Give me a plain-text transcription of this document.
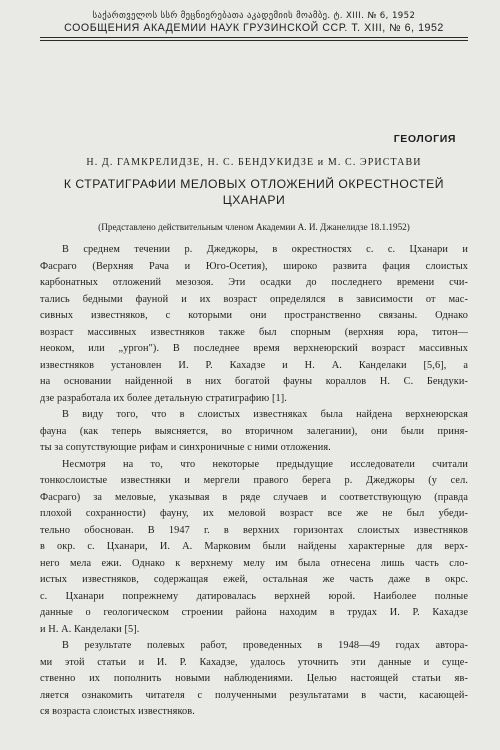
საქართველოს სსრ მეცნიერებათა აკადემიის მოამბე. ტ. XIII. № 6, 1952
СООБЩЕНИЯ АКАДЕМИИ НАУК ГРУЗИНСКОЙ ССР. Т. XIII, № 6, 1952
ГЕОЛОГИЯ
Н. Д. ГАМКРЕЛИДЗЕ, Н. С. БЕНДУКИДЗЕ и М. С. ЭРИСТАВИ
К СТРАТИГРАФИИ МЕЛОВЫХ ОТЛОЖЕНИЙ ОКРЕСТНОСТЕЙ
ЦХАНАРИ
(Представлено действительным членом Академии А. И. Джанелидзе 18.1.1952)
В среднем течении р. Джеджоры, в окрестностях с. с. Цханари и
Фасраго (Верхняя Рача и Юго-Осетия), широко развита фация слоистых
карбонатных отложений мезозоя. Эти осадки до последнего времени счи-
тались бедными фауной и их возраст определялся в зависимости от мас-
сивных известняков, с которыми они пространственно связаны. Однако
возраст массивных известняков также был спорным (верхняя юра, титон—
неоком, или „ургон"). В последнее время верхнеюрский возраст массивных
известняков установлен И. Р. Кахадзе и Н. А. Канделаки [5,6], а
на основании найденной в них богатой фауны кораллов Н. С. Бендуки-
дзе разработала их более детальную стратиграфию [1].
В виду того, что в слоистых известняках была найдена верхнеюрская
фауна (как теперь выясняется, во вторичном залегании), они были приня-
ты за сопутствующие рифам и синхроничные с ними отложения.
Несмотря на то, что некоторые предыдущие исследователи считали
тонкослоистые известняки и мергели правого берега р. Джеджоры (у сел.
Фасраго) за меловые, указывая в ряде случаев и соответствующую (правда
плохой сохранности) фауну, их меловой возраст все же не был убеди-
тельно обоснован. В 1947 г. в верхних горизонтах слоистых известняков
в окр. с. Цханари, И. А. Марковим были найдены характерные для верх-
него мела ежи. Однако к верхнему мелу им была отнесена лишь часть сло-
истых известняков, содержащая ежей, остальная же часть даже в окрс.
с. Цханари попрежнему датировалась верхней юрой. Наиболее полные
данные о геологическом строении района находим в трудах И. Р. Кахадзе
и Н. А. Канделаки [5].
В результате полевых работ, проведенных в 1948—49 годах автора-
ми этой статьи и И. Р. Кахадзе, удалось уточнить эти данные и суще-
ственно их пополнить новыми наблюдениями. Целью настоящей статьи яв-
ляется ознакомить читателя с полученными результатами в части, касающей-
ся возраста слоистых известняков.
